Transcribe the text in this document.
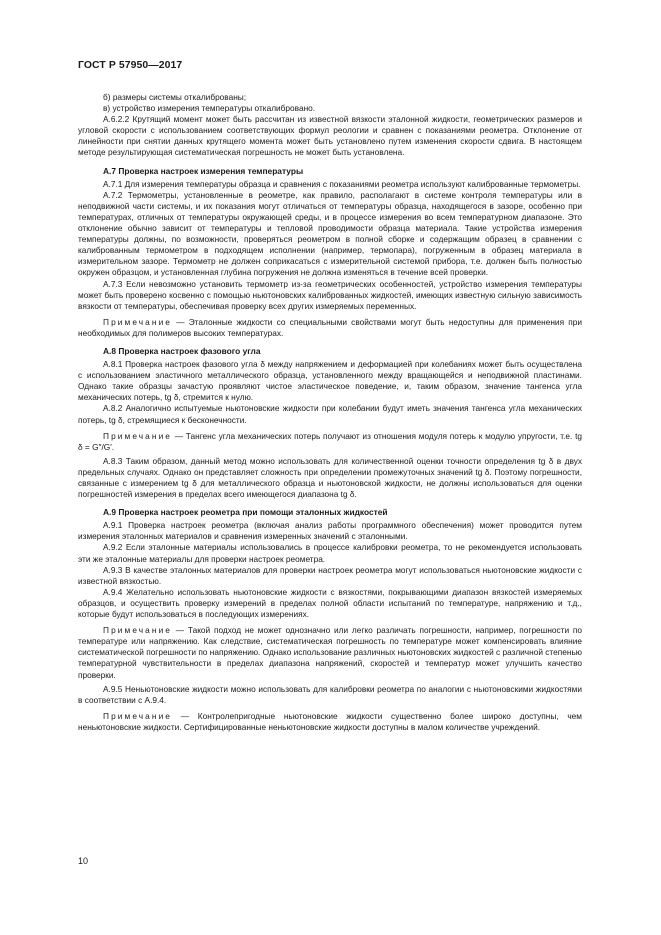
ГОСТ Р 57950—2017

б) размеры системы откалиброваны;

в) устройство измерения температуры откалибровано.

А.6.2.2 Крутящий момент может быть рассчитан из известной вязкости эталонной жидкости, геометрических размеров и угловой скорости с использованием соответствующих формул реологии и сравнен с показаниями реометра. Отклонение от линейности при снятии данных крутящего момента может быть установлено путем изменения скорости сдвига. В настоящем методе результирующая систематическая погрешность не может быть установлена.

А.7 Проверка настроек измерения температуры

А.7.1 Для измерения температуры образца и сравнения с показаниями реометра используют калиброванные термометры.

А.7.2 Термометры, установленные в реометре, как правило, располагают в системе контроля температуры или в неподвижной части системы, и их показания могут отличаться от температуры образца, находящегося в зазоре, особенно при температурах, отличных от температуры окружающей среды, и в процессе измерения во всем температурном диапазоне. Это отклонение обычно зависит от температуры и тепловой проводимости образца материала. Такие устройства измерения температуры должны, по возможности, проверяться реометром в полной сборке и содержащим образец в сравнении с калиброванным термометром в подходящем исполнении (например, термопара), погруженным в образец материала в измерительном зазоре. Термометр не должен соприкасаться с измерительной системой прибора, т.е. должен быть полностью окружен образцом, и установленная глубина погружения не должна изменяться в течение всей проверки.

А.7.3 Если невозможно установить термометр из-за геометрических особенностей, устройство измерения температуры может быть проверено косвенно с помощью ньютоновских калиброванных жидкостей, имеющих известную сильную зависимость вязкости от температуры, обеспечивая проверку всех других измеряемых переменных.

Примечание — Эталонные жидкости со специальными свойствами могут быть недоступны для применения при необходимых для полимеров высоких температурах.

А.8 Проверка настроек фазового угла

А.8.1 Проверка настроек фазового угла δ между напряжением и деформацией при колебаниях может быть осуществлена с использованием эластичного металлического образца, установленного между вращающейся и неподвижной пластинами. Однако такие образцы зачастую проявляют чистое эластическое поведение, и, таким образом, значение тангенса угла механических потерь, tg δ, стремится к нулю.

А.8.2 Аналогично испытуемые ньютоновские жидкости при колебании будут иметь значения тангенса угла механических потерь, tg δ, стремящиеся к бесконечности.

Примечание — Тангенс угла механических потерь получают из отношения модуля потерь к модулю упругости, т.е. tg δ = G″/G′.

А.8.3 Таким образом, данный метод можно использовать для количественной оценки точности определения tg δ в двух предельных случаях. Однако он представляет сложность при определении промежуточных значений tg δ. Поэтому погрешности, связанные с измерением tg δ для металлического образца и ньютоновской жидкости, не должны использоваться для оценки погрешностей измерения в пределах всего имеющегося диапазона tg δ.

А.9 Проверка настроек реометра при помощи эталонных жидкостей

А.9.1 Проверка настроек реометра (включая анализ работы программного обеспечения) может проводится путем измерения эталонных материалов и сравнения измеренных значений с эталонными.

А.9.2 Если эталонные материалы использовались в процессе калибровки реометра, то не рекомендуется использовать эти же эталонные материалы для проверки настроек реометра.

А.9.3 В качестве эталонных материалов для проверки настроек реометра могут использоваться ньютоновские жидкости с известной вязкостью.

А.9.4 Желательно использовать ньютоновские жидкости с вязкостями, покрывающими диапазон вязкостей измеряемых образцов, и осуществить проверку измерений в пределах полной области испытаний по температуре, напряжению и т.д., которые будут использоваться в последующих измерениях.

Примечание — Такой подход не может однозначно или легко различать погрешности, например, погрешности по температуре или напряжению. Как следствие, систематическая погрешность по температуре может компенсировать влияние систематической погрешности по напряжению. Однако использование различных ньютоновских жидкостей с различной степенью температурной чувствительности в пределах диапазона напряжений, скоростей и температур может улучшить качество проверки.

А.9.5 Неньютоновские жидкости можно использовать для калибровки реометра по аналогии с ньютоновскими жидкостями в соответствии с А.9.4.

Примечание — Контролепригодные ньютоновские жидкости существенно более широко доступны, чем неньютоновские жидкости. Сертифицированные неньютоновские жидкости доступны в малом количестве учреждений.

10
